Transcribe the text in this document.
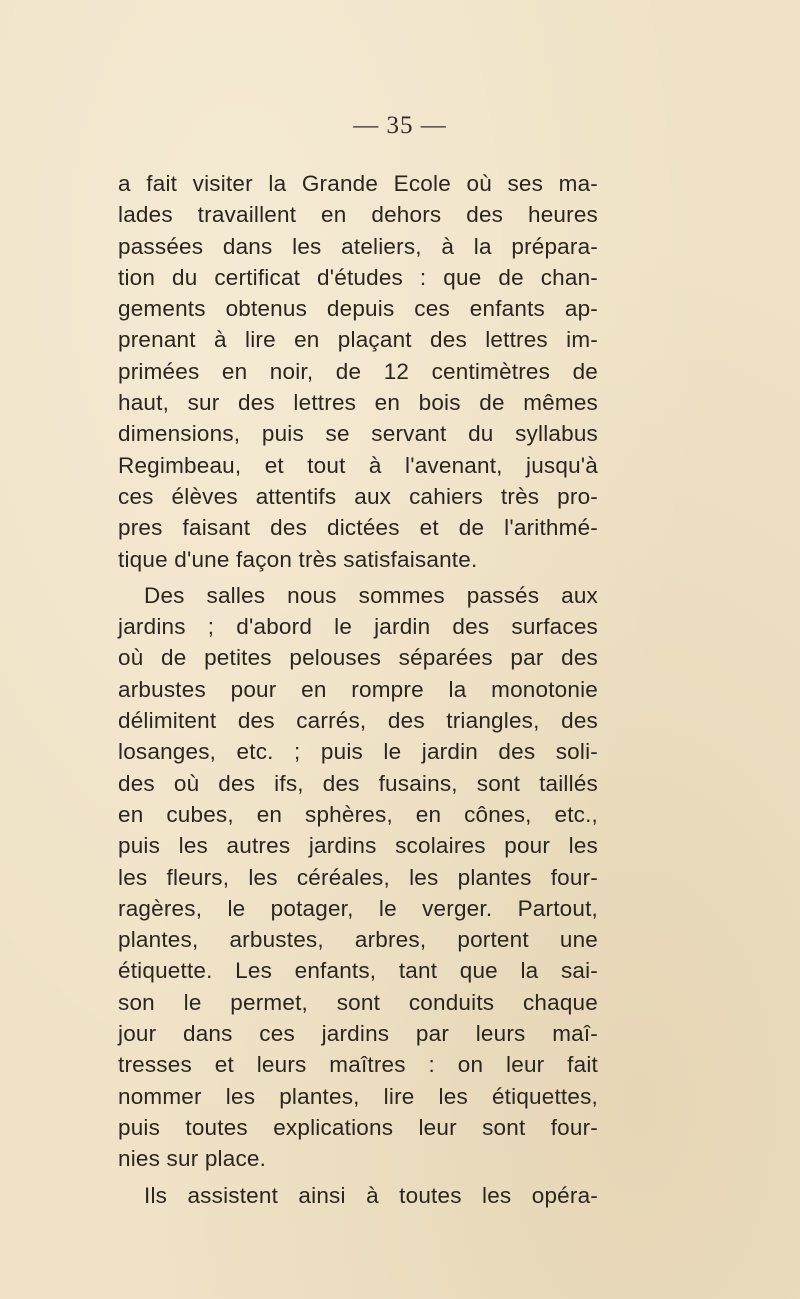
— 35 —
a fait visiter la Grande Ecole où ses ma-
lades travaillent en dehors des heures
passées dans les ateliers, à la prépara-
tion du certificat d'études : que de chan-
gements obtenus depuis ces enfants ap-
prenant à lire en plaçant des lettres im-
primées en noir, de 12 centimètres de
haut, sur des lettres en bois de mêmes
dimensions, puis se servant du syllabus
Regimbeau, et tout à l'avenant, jusqu'à
ces élèves attentifs aux cahiers très pro-
pres faisant des dictées et de l'arithmé-
tique d'une façon très satisfaisante.
Des salles nous sommes passés aux
jardins ; d'abord le jardin des surfaces
où de petites pelouses séparées par des
arbustes pour en rompre la monotonie
délimitent des carrés, des triangles, des
losanges, etc. ; puis le jardin des soli-
des où des ifs, des fusains, sont taillés
en cubes, en sphères, en cônes, etc.,
puis les autres jardins scolaires pour les
les fleurs, les céréales, les plantes four-
ragères, le potager, le verger. Partout,
plantes, arbustes, arbres, portent une
étiquette. Les enfants, tant que la sai-
son le permet, sont conduits chaque
jour dans ces jardins par leurs maî-
tresses et leurs maîtres : on leur fait
nommer les plantes, lire les étiquettes,
puis toutes explications leur sont four-
nies sur place.
Ils assistent ainsi à toutes les opéra-
